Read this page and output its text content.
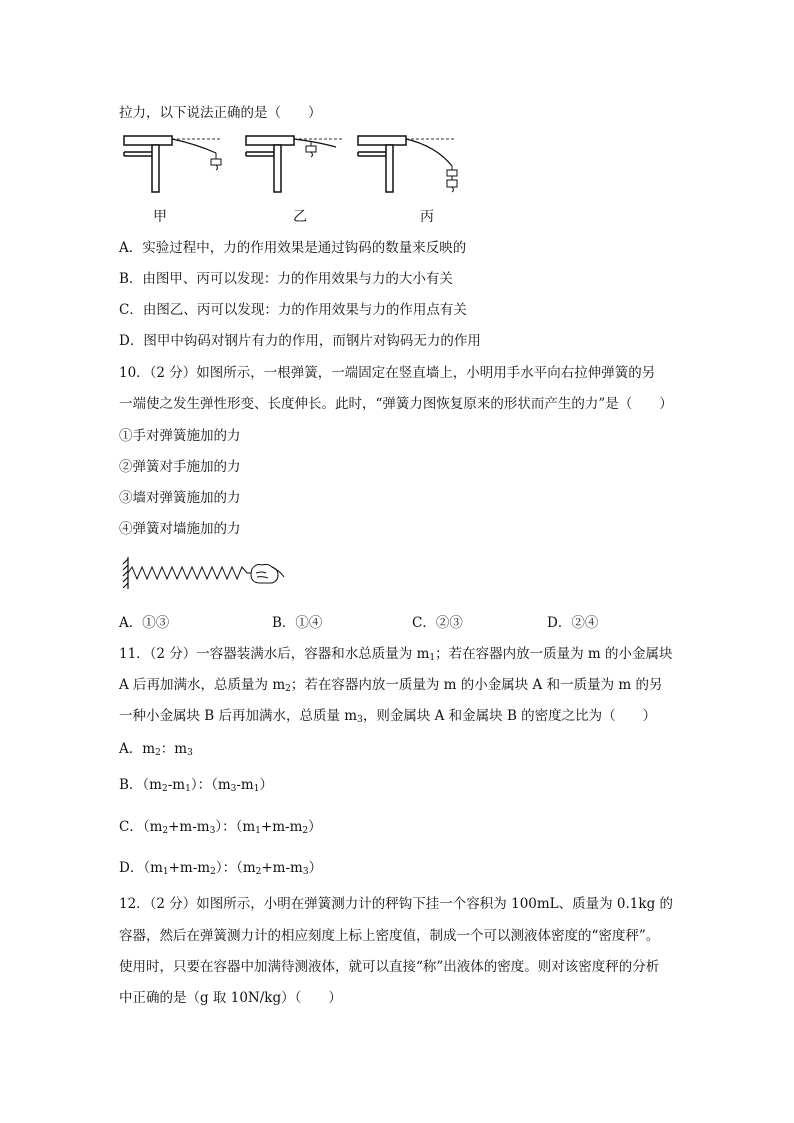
拉力，以下说法正确的是（　　）
甲	乙	丙
A．实验过程中，力的作用效果是通过钩码的数量来反映的
B．由图甲、丙可以发现：力的作用效果与力的大小有关
C．由图乙、丙可以发现：力的作用效果与力的作用点有关
D．图甲中钩码对钢片有力的作用，而钢片对钩码无力的作用
10．（2 分）如图所示，一根弹簧，一端固定在竖直墙上，小明用手水平向右拉伸弹簧的另
一端使之发生弹性形变、长度伸长。此时，“弹簧力图恢复原来的形状而产生的力”是（　　）
①手对弹簧施加的力
②弹簧对手施加的力
③墙对弹簧施加的力
④弹簧对墙施加的力
A．①③	B．①④	C．②③	D．②④
11．（2 分）一容器装满水后，容器和水总质量为 $m_1$；若在容器内放一质量为 m 的小金属块
A 后再加满水，总质量为 $m_2$；若在容器内放一质量为 m 的小金属块 A 和一质量为 m 的另
一种小金属块 B 后再加满水，总质量 $m_3$，则金属块 A 和金属块 B 的密度之比为（　　）
A．$m_2$：$m_3$
B．$(m_2-m_1)$：$(m_3-m_1)$
C．$(m_2+m-m_3)$：$(m_1+m-m_2)$
D．$(m_1+m-m_2)$：$(m_2+m-m_3)$
12．（2 分）如图所示，小明在弹簧测力计的秤钩下挂一个容积为 100mL、质量为 0.1kg 的
容器，然后在弹簧测力计的相应刻度上标上密度值，制成一个可以测液体密度的“密度秤”。
使用时，只要在容器中加满待测液体，就可以直接“称”出液体的密度。则对该密度秤的分析
中正确的是（g 取 10N/kg）（　　）
